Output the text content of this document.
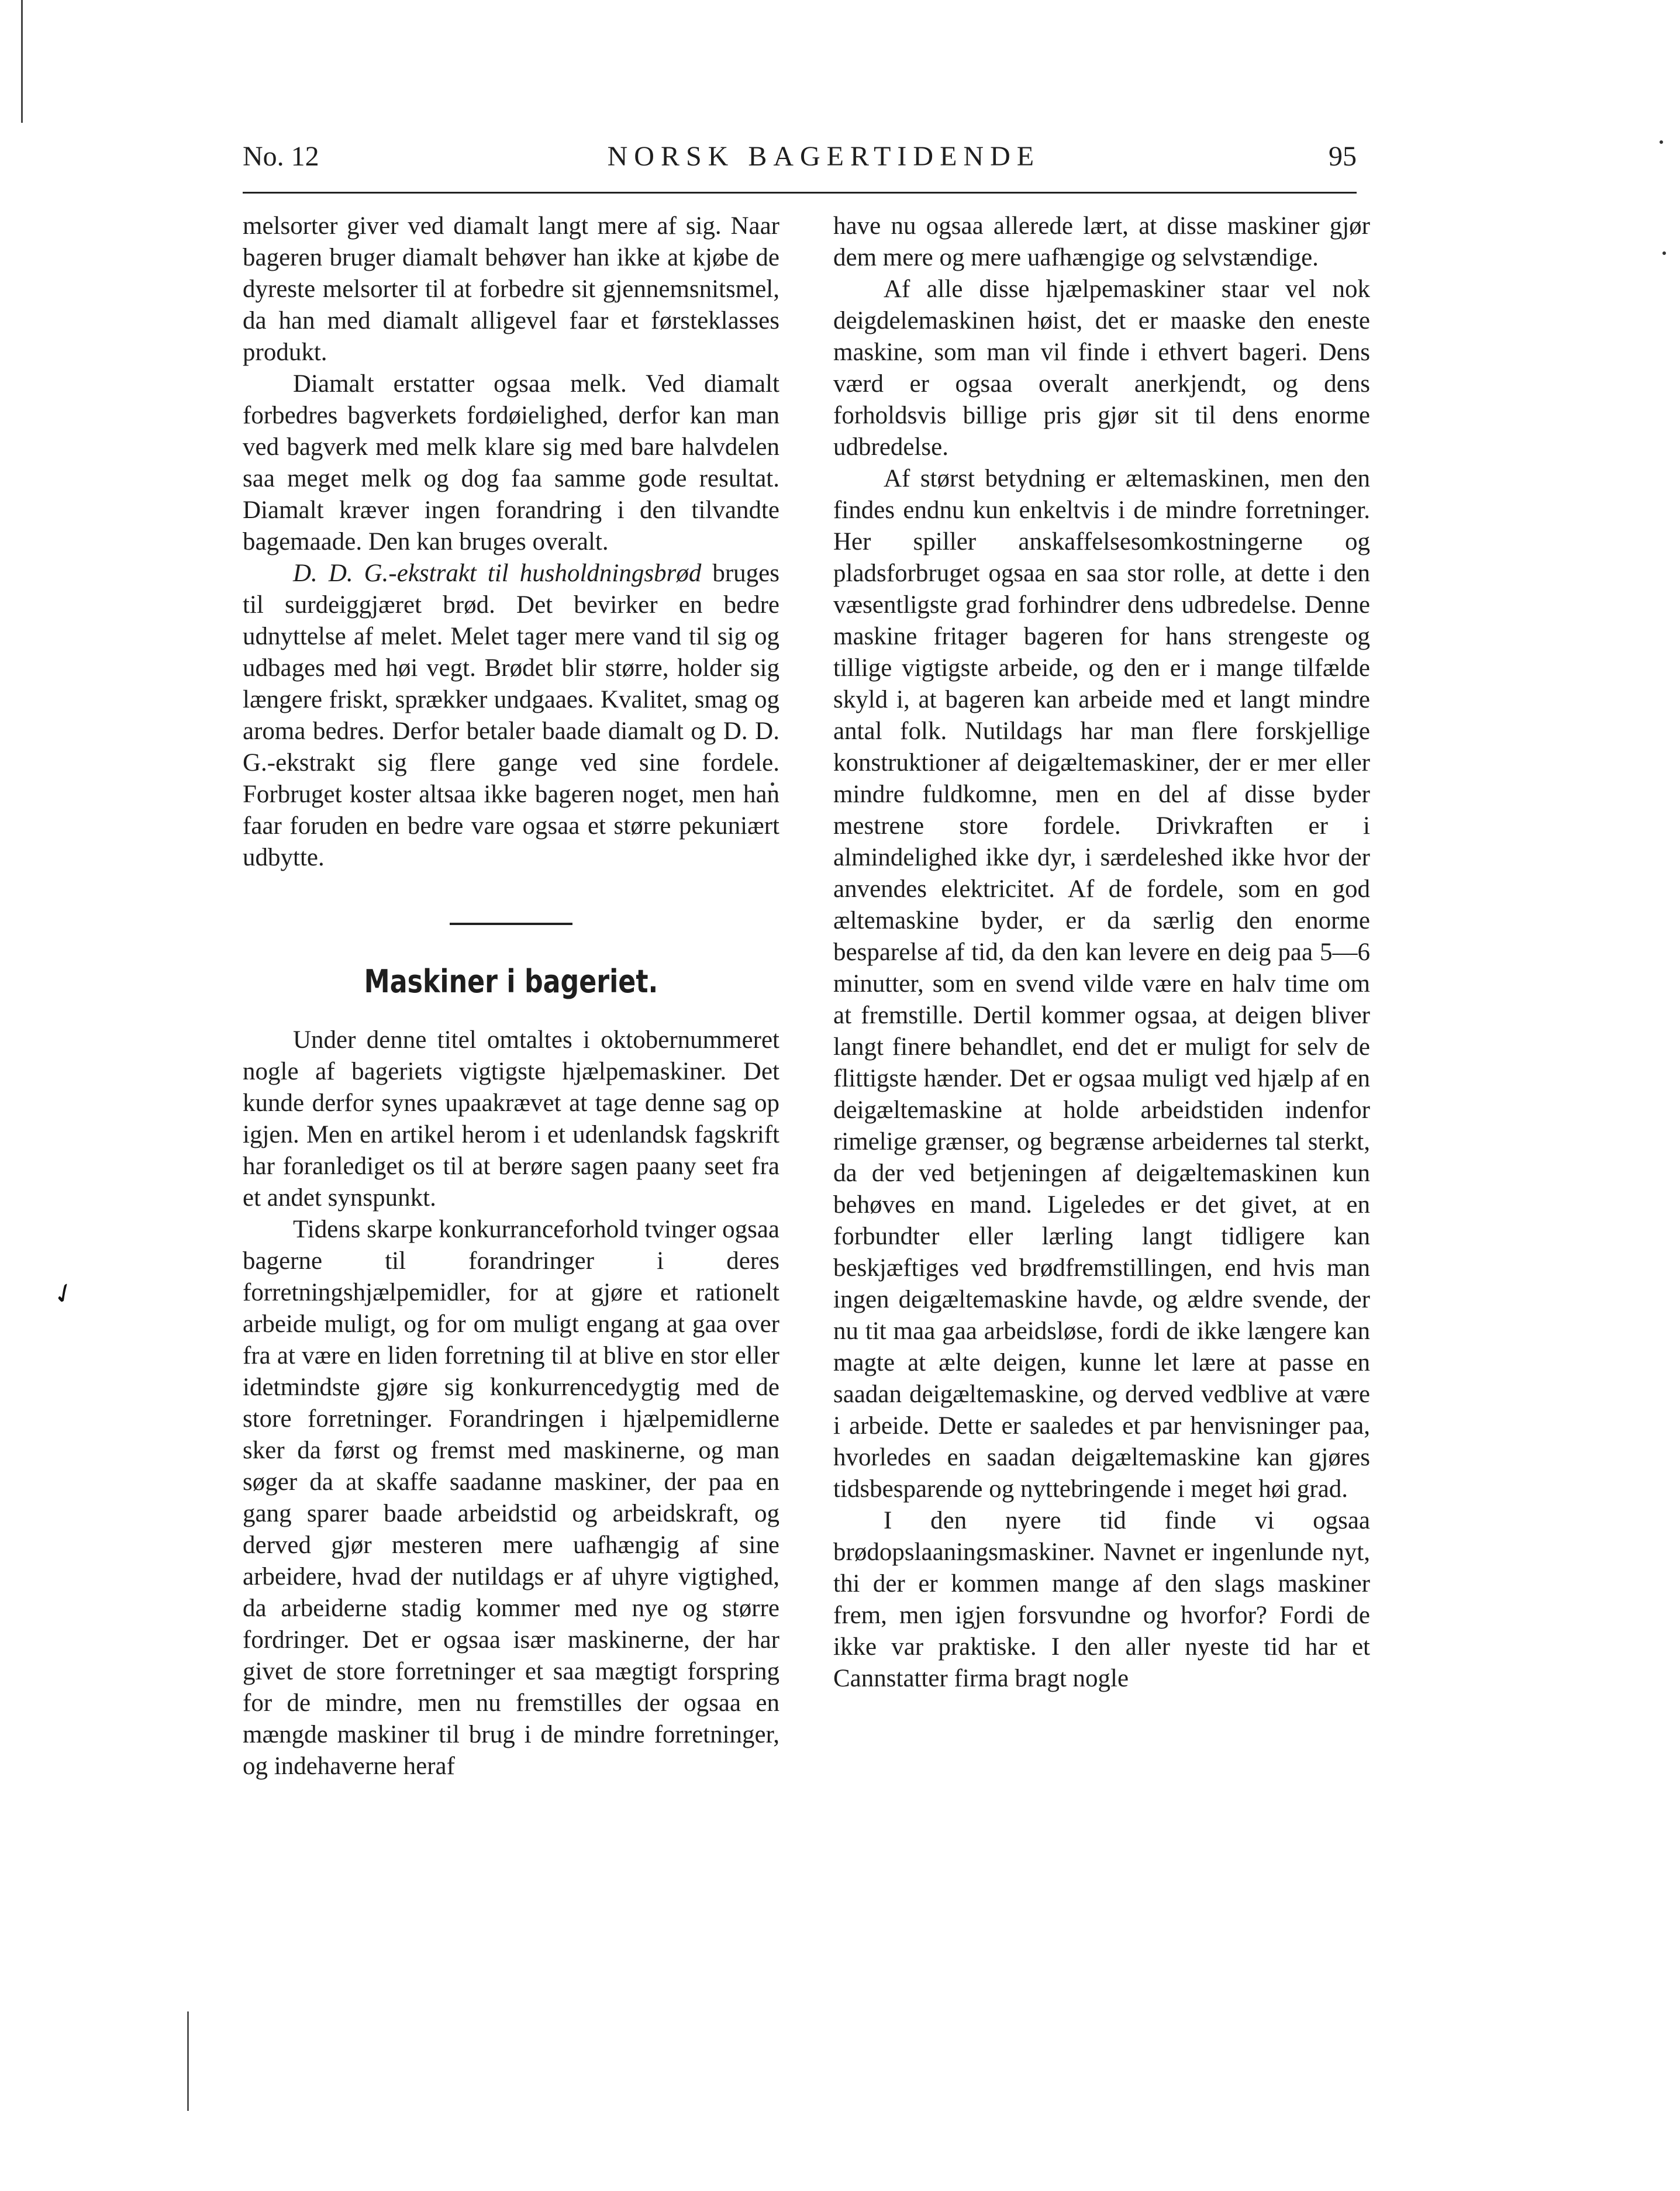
✓
No. 12	NORSK BAGERTIDENDE	95

melsorter giver ved diamalt langt mere af sig. Naar bageren bruger diamalt behøver han ikke at kjøbe de dyreste melsorter til at forbedre sit gjennemsnitsmel, da han med diamalt alligevel faar et førsteklasses produkt.

Diamalt erstatter ogsaa melk. Ved diamalt forbedres bagverkets fordøielighed, derfor kan man ved bagverk med melk klare sig med bare halvdelen saa meget melk og dog faa samme gode resultat. Diamalt kræver ingen forandring i den tilvandte bagemaade. Den kan bruges overalt.

D. D. G.-ekstrakt til husholdningsbrød bruges til surdeiggjæret brød. Det bevirker en bedre udnyttelse af melet. Melet tager mere vand til sig og udbages med høi vegt. Brødet blir større, holder sig længere friskt, sprækker undgaaes. Kvalitet, smag og aroma bedres. Derfor betaler baade diamalt og D. D. G.-ekstrakt sig flere gange ved sine fordele. Forbruget koster altsaa ikke bageren noget, men han faar foruden en bedre vare ogsaa et større pekuniært udbytte.

Maskiner i bageriet.

Under denne titel omtaltes i oktobernummeret nogle af bageriets vigtigste hjælpemaskiner. Det kunde derfor synes upaakrævet at tage denne sag op igjen. Men en artikel herom i et udenlandsk fagskrift har foranlediget os til at berøre sagen paany seet fra et andet synspunkt.

Tidens skarpe konkurranceforhold tvinger ogsaa bagerne til forandringer i deres forretningshjælpemidler, for at gjøre et rationelt arbeide muligt, og for om muligt engang at gaa over fra at være en liden forretning til at blive en stor eller idetmindste gjøre sig konkurrencedygtig med de store forretninger. Forandringen i hjælpemidlerne sker da først og fremst med maskinerne, og man søger da at skaffe saadanne maskiner, der paa en gang sparer baade arbeidstid og arbeidskraft, og derved gjør mesteren mere uafhængig af sine arbeidere, hvad der nutildags er af uhyre vigtighed, da arbeiderne stadig kommer med nye og større fordringer. Det er ogsaa især maskinerne, der har givet de store forretninger et saa mægtigt forspring for de mindre, men nu fremstilles der ogsaa en mængde maskiner til brug i de mindre forretninger, og indehaverne heraf

have nu ogsaa allerede lært, at disse maskiner gjør dem mere og mere uafhængige og selvstændige.

Af alle disse hjælpemaskiner staar vel nok deigdelemaskinen høist, det er maaske den eneste maskine, som man vil finde i ethvert bageri. Dens værd er ogsaa overalt anerkjendt, og dens forholdsvis billige pris gjør sit til dens enorme udbredelse.

Af størst betydning er æltemaskinen, men den findes endnu kun enkeltvis i de mindre forretninger. Her spiller anskaffelsesomkostningerne og pladsforbruget ogsaa en saa stor rolle, at dette i den væsentligste grad forhindrer dens udbredelse. Denne maskine fritager bageren for hans strengeste og tillige vigtigste arbeide, og den er i mange tilfælde skyld i, at bageren kan arbeide med et langt mindre antal folk. Nutildags har man flere forskjellige konstruktioner af deigæltemaskiner, der er mer eller mindre fuldkomne, men en del af disse byder mestrene store fordele. Drivkraften er i almindelighed ikke dyr, i særdeleshed ikke hvor der anvendes elektricitet. Af de fordele, som en god æltemaskine byder, er da særlig den enorme besparelse af tid, da den kan levere en deig paa 5—6 minutter, som en svend vilde være en halv time om at fremstille. Dertil kommer ogsaa, at deigen bliver langt finere behandlet, end det er muligt for selv de flittigste hænder. Det er ogsaa muligt ved hjælp af en deigæltemaskine at holde arbeidstiden indenfor rimelige grænser, og begrænse arbeidernes tal sterkt, da der ved betjeningen af deigæltemaskinen kun behøves en mand. Ligeledes er det givet, at en forbundter eller lærling langt tidligere kan beskjæftiges ved brødfremstillingen, end hvis man ingen deigæltemaskine havde, og ældre svende, der nu tit maa gaa arbeidsløse, fordi de ikke længere kan magte at ælte deigen, kunne let lære at passe en saadan deigæltemaskine, og derved vedblive at være i arbeide. Dette er saaledes et par henvisninger paa, hvorledes en saadan deigæltemaskine kan gjøres tidsbesparende og nyttebringende i meget høi grad.

I den nyere tid finde vi ogsaa brødopslaaningsmaskiner. Navnet er ingenlunde nyt, thi der er kommen mange af den slags maskiner frem, men igjen forsvundne og hvorfor? Fordi de ikke var praktiske. I den aller nyeste tid har et Cannstatter firma bragt nogle
